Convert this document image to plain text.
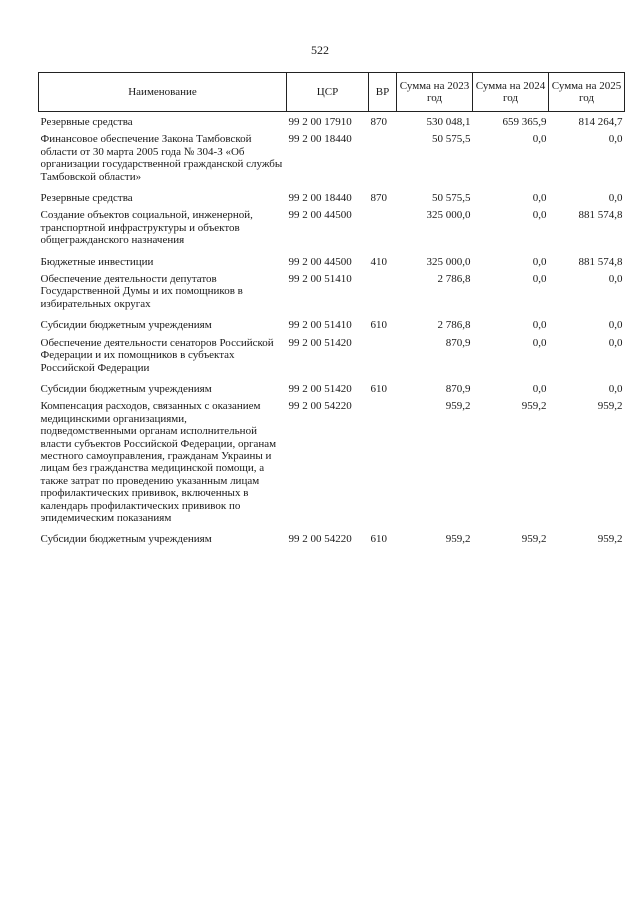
522
Наименование	ЦСР	ВР	Сумма на 2023 год	Сумма на 2024 год	Сумма на 2025 год
Резервные средства	99 2 00 17910	870	530 048,1	659 365,9	814 264,7
Финансовое обеспечение Закона Тамбовской области от 30 марта 2005 года № 304-З «Об организации государственной гражданской службы Тамбовской области»	99 2 00 18440		50 575,5	0,0	0,0
Резервные средства	99 2 00 18440	870	50 575,5	0,0	0,0
Создание объектов социальной, инженерной, транспортной инфраструктуры и объектов общегражданского назначения	99 2 00 44500		325 000,0	0,0	881 574,8
Бюджетные инвестиции	99 2 00 44500	410	325 000,0	0,0	881 574,8
Обеспечение деятельности депутатов Государственной Думы и их помощников в избирательных округах	99 2 00 51410		2 786,8	0,0	0,0
Субсидии бюджетным учреждениям	99 2 00 51410	610	2 786,8	0,0	0,0
Обеспечение деятельности сенаторов Российской Федерации и их помощников в субъектах Российской Федерации	99 2 00 51420		870,9	0,0	0,0
Субсидии бюджетным учреждениям	99 2 00 51420	610	870,9	0,0	0,0
Компенсация расходов, связанных с оказанием медицинскими организациями, подведомственными органам исполнительной власти субъектов Российской Федерации, органам местного самоуправления, гражданам Украины и лицам без гражданства медицинской помощи, а также затрат по проведению указанным лицам профилактических прививок, включенных в календарь профилактических прививок по эпидемическим показаниям	99 2 00 54220		959,2	959,2	959,2
Субсидии бюджетным учреждениям	99 2 00 54220	610	959,2	959,2	959,2
